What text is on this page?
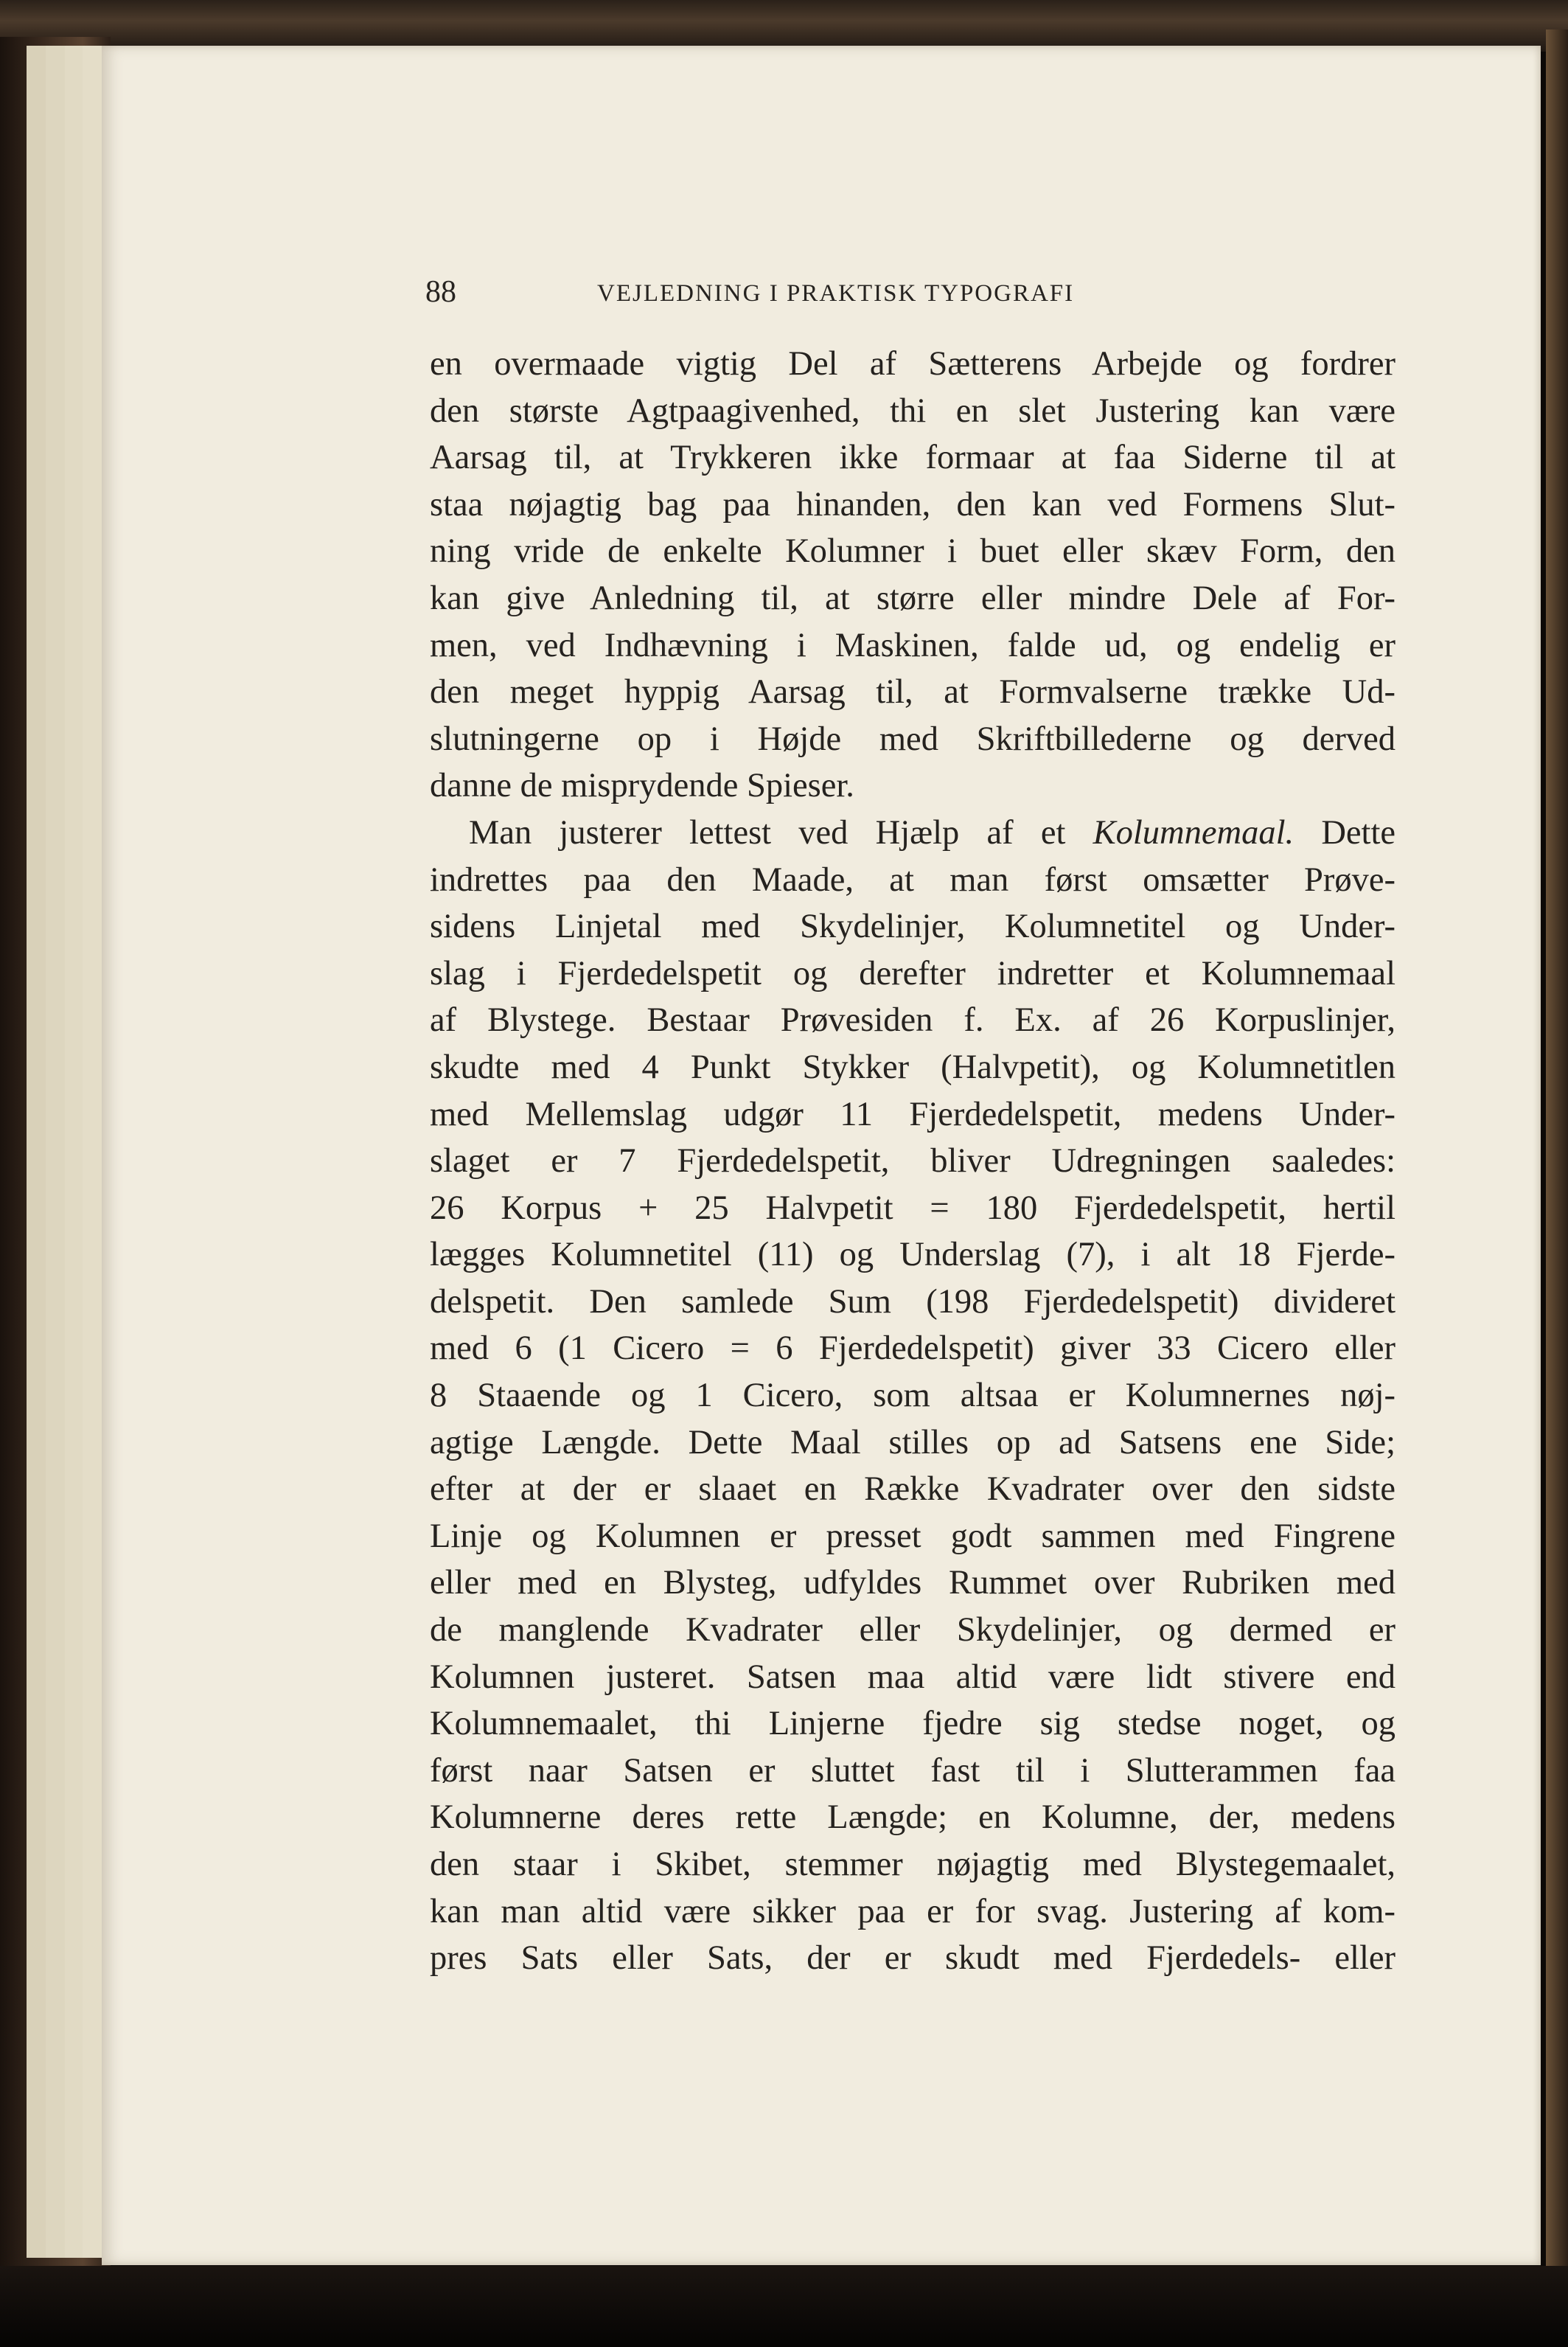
88	VEJLEDNING I PRAKTISK TYPOGRAFI
en overmaade vigtig Del af Sætterens Arbejde og fordrer
den største Agtpaagivenhed, thi en slet Justering kan være
Aarsag til, at Trykkeren ikke formaar at faa Siderne til at
staa nøjagtig bag paa hinanden, den kan ved Formens Slut-
ning vride de enkelte Kolumner i buet eller skæv Form, den
kan give Anledning til, at større eller mindre Dele af For-
men, ved Indhævning i Maskinen, falde ud, og endelig er
den meget hyppig Aarsag til, at Formvalserne trække Ud-
slutningerne op i Højde med Skriftbillederne og derved
danne de misprydende Spieser.
Man justerer lettest ved Hjælp af et Kolumnemaal. Dette
indrettes paa den Maade, at man først omsætter Prøve-
sidens Linjetal med Skydelinjer, Kolumnetitel og Under-
slag i Fjerdedelspetit og derefter indretter et Kolumnemaal
af Blystege. Bestaar Prøvesiden f. Ex. af 26 Korpuslinjer,
skudte med 4 Punkt Stykker (Halvpetit), og Kolumnetitlen
med Mellemslag udgør 11 Fjerdedelspetit, medens Under-
slaget er 7 Fjerdedelspetit, bliver Udregningen saaledes:
26 Korpus + 25 Halvpetit = 180 Fjerdedelspetit, hertil
lægges Kolumnetitel (11) og Underslag (7), i alt 18 Fjerde-
delspetit. Den samlede Sum (198 Fjerdedelspetit) divideret
med 6 (1 Cicero = 6 Fjerdedelspetit) giver 33 Cicero eller
8 Staaende og 1 Cicero, som altsaa er Kolumnernes nøj-
agtige Længde. Dette Maal stilles op ad Satsens ene Side;
efter at der er slaaet en Række Kvadrater over den sidste
Linje og Kolumnen er presset godt sammen med Fingrene
eller med en Blysteg, udfyldes Rummet over Rubriken med
de manglende Kvadrater eller Skydelinjer, og dermed er
Kolumnen justeret. Satsen maa altid være lidt stivere end
Kolumnemaalet, thi Linjerne fjedre sig stedse noget, og
først naar Satsen er sluttet fast til i Slutterammen faa
Kolumnerne deres rette Længde; en Kolumne, der, medens
den staar i Skibet, stemmer nøjagtig med Blystegemaalet,
kan man altid være sikker paa er for svag. Justering af kom-
pres Sats eller Sats, der er skudt med Fjerdedels- eller
